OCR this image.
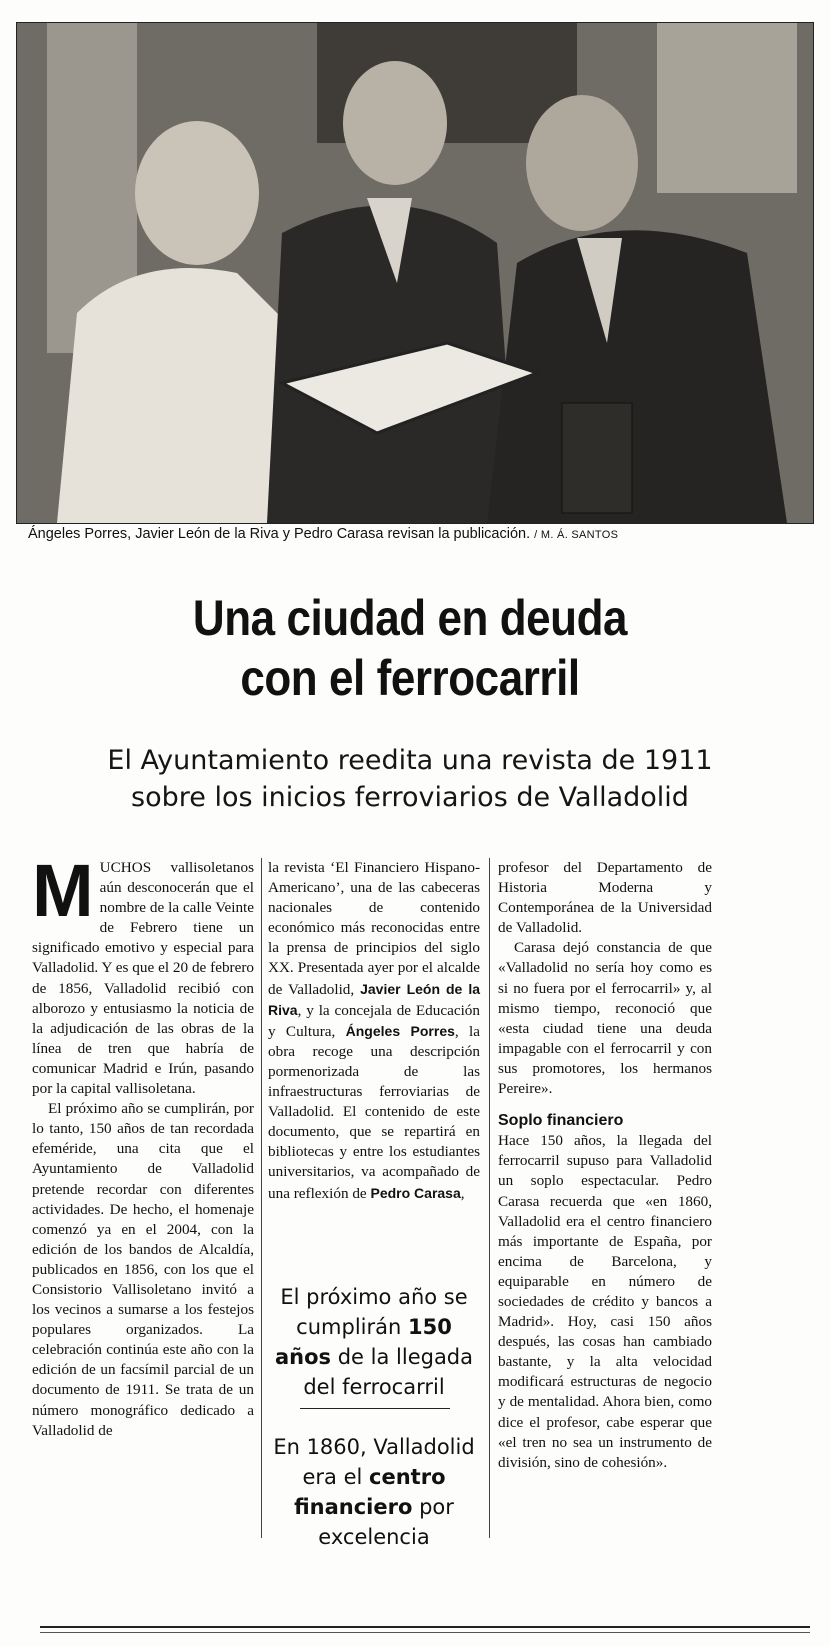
Ángeles Porres, Javier León de la Riva y Pedro Carasa revisan la publicación. / M. Á. SANTOS
Una ciudad en deuda
con el ferrocarril
El Ayuntamiento reedita una revista de 1911
sobre los inicios ferroviarios de Valladolid

MUCHOS vallisoletanos aún desconocerán que el nombre de la calle Veinte de Febrero tiene un significado emotivo y especial para Valladolid. Y es que el 20 de febrero de 1856, Valladolid recibió con alborozo y entusiasmo la noticia de la adjudicación de las obras de la línea de tren que habría de comunicar Madrid e Irún, pasando por la capital vallisoletana.

El próximo año se cumplirán, por lo tanto, 150 años de tan recordada efeméride, una cita que el Ayuntamiento de Valladolid pretende recordar con diferentes actividades. De hecho, el homenaje comenzó ya en el 2004, con la edición de los bandos de Alcaldía, publicados en 1856, con los que el Consistorio Vallisoletano invitó a los vecinos a sumarse a los festejos populares organizados. La celebración continúa este año con la edición de un facsímil parcial de un documento de 1911. Se trata de un número monográfico dedicado a Valladolid de

la revista ‘El Financiero Hispano-Americano’, una de las cabeceras nacionales de contenido económico más reconocidas entre la prensa de principios del siglo XX. Presentada ayer por el alcalde de Valladolid, Javier León de la Riva, y la concejala de Educación y Cultura, Ángeles Porres, la obra recoge una descripción pormenorizada de las infraestructuras ferroviarias de Valladolid. El contenido de este documento, que se repartirá en bibliotecas y entre los estudiantes universitarios, va acompañado de una reflexión de Pedro Carasa,

El próximo año se cumplirán 150 años de la llegada del ferrocarril
En 1860, Valladolid era el centro financiero por excelencia

profesor del Departamento de Historia Moderna y Contemporánea de la Universidad de Valladolid.

Carasa dejó constancia de que «Valladolid no sería hoy como es si no fuera por el ferrocarril» y, al mismo tiempo, reconoció que «esta ciudad tiene una deuda impagable con el ferrocarril y con sus promotores, los hermanos Pereire».

Soplo financiero

Hace 150 años, la llegada del ferrocarril supuso para Valladolid un soplo espectacular. Pedro Carasa recuerda que «en 1860, Valladolid era el centro financiero más importante de España, por encima de Barcelona, y equiparable en número de sociedades de crédito y bancos a Madrid». Hoy, casi 150 años después, las cosas han cambiado bastante, y la alta velocidad modificará estructuras de negocio y de mentalidad. Ahora bien, como dice el profesor, cabe esperar que «el tren no sea un instrumento de división, sino de cohesión».
